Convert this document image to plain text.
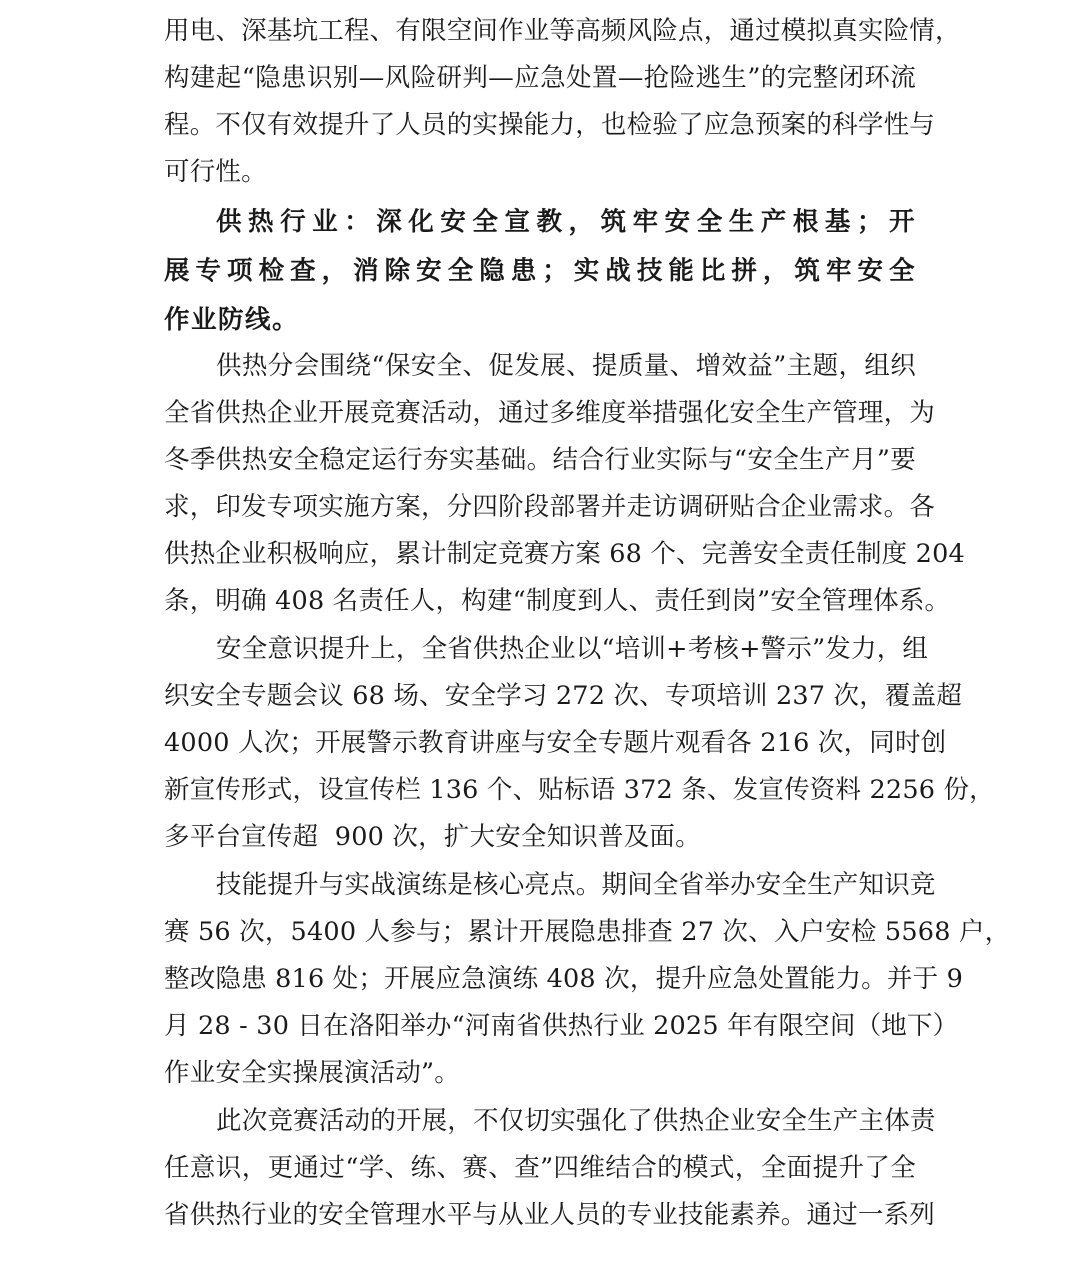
用电、深基坑工程、有限空间作业等高频风险点，通过模拟真实险情，
构建起“隐患识别—风险研判—应急处置—抢险逃生”的完整闭环流
程。不仅有效提升了人员的实操能力，也检验了应急预案的科学性与
可行性。
供热行业：深化安全宣教，筑牢安全生产根基；开
展专项检查，消除安全隐患；实战技能比拼，筑牢安全
作业防线。
供热分会围绕“保安全、促发展、提质量、增效益”主题，组织
全省供热企业开展竞赛活动，通过多维度举措强化安全生产管理，为
冬季供热安全稳定运行夯实基础。结合行业实际与“安全生产月”要
求，印发专项实施方案，分四阶段部署并走访调研贴合企业需求。各
供热企业积极响应，累计制定竞赛方案 68 个、完善安全责任制度 204
条，明确 408 名责任人，构建“制度到人、责任到岗”安全管理体系。
安全意识提升上，全省供热企业以“培训+考核+警示”发力，组
织安全专题会议 68 场、安全学习 272 次、专项培训 237 次，覆盖超
4000 人次；开展警示教育讲座与安全专题片观看各 216 次，同时创
新宣传形式，设宣传栏 136 个、贴标语 372 条、发宣传资料 2256 份，
多平台宣传超  900 次，扩大安全知识普及面。
技能提升与实战演练是核心亮点。期间全省举办安全生产知识竞
赛 56 次，5400 人参与；累计开展隐患排查 27 次、入户安检 5568 户，
整改隐患 816 处；开展应急演练 408 次，提升应急处置能力。并于 9
月 28 - 30 日在洛阳举办“河南省供热行业 2025 年有限空间（地下）
作业安全实操展演活动”。
此次竞赛活动的开展，不仅切实强化了供热企业安全生产主体责
任意识，更通过“学、练、赛、查”四维结合的模式，全面提升了全
省供热行业的安全管理水平与从业人员的专业技能素养。通过一系列
